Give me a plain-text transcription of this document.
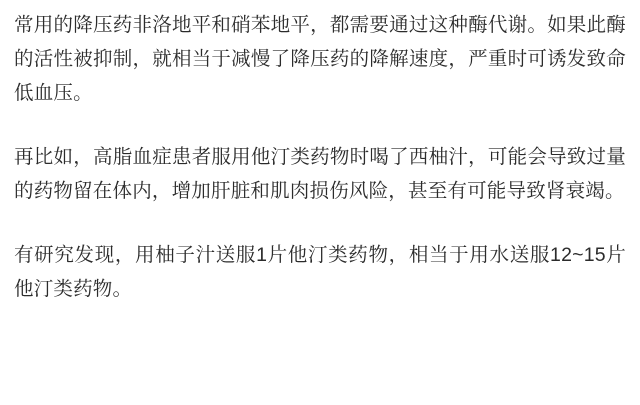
常用的降压药非洛地平和硝苯地平，都需要通过这种酶代谢。如果此酶的活性被抑制，就相当于减慢了降压药的降解速度，严重时可诱发致命低血压。

再比如，高脂血症患者服用他汀类药物时喝了西柚汁，可能会导致过量的药物留在体内，增加肝脏和肌肉损伤风险，甚至有可能导致肾衰竭。

有研究发现，用柚子汁送服1片他汀类药物，相当于用水送服12~15片他汀类药物。
